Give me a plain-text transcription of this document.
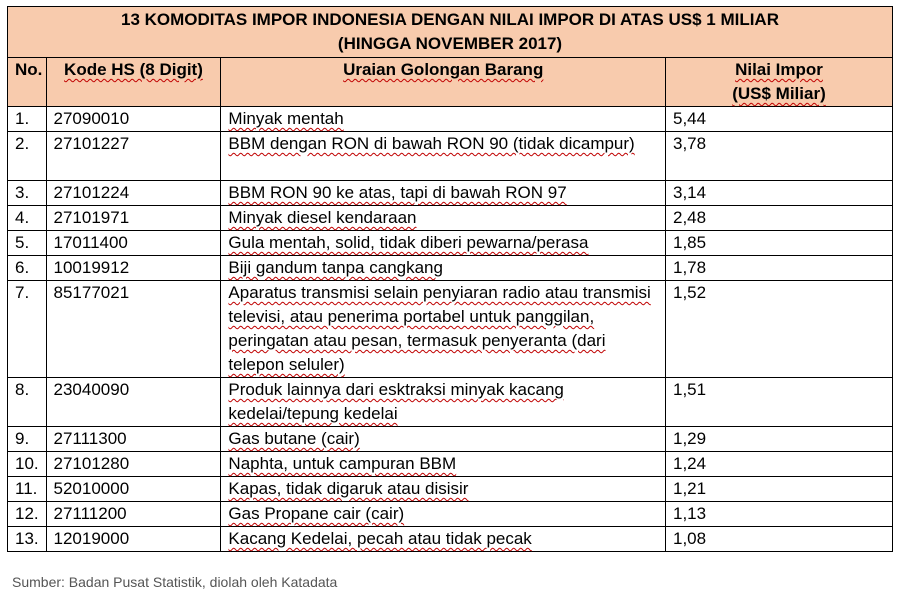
13 KOMODITAS IMPOR INDONESIA DENGAN NILAI IMPOR DI ATAS US$ 1 MILIAR
(HINGGA NOVEMBER 2017)			

No.	Kode HS (8 Digit)	Uraian Golongan Barang	Nilai Impor
(US$ Miliar)

1.	27090010	Minyak mentah	5,44
2.	27101227	BBM dengan RON di bawah RON 90 (tidak dicampur)	3,78
3.	27101224	BBM RON 90 ke atas, tapi di bawah RON 97	3,14
4.	27101971	Minyak diesel kendaraan	2,48
5.	17011400	Gula mentah, solid, tidak diberi pewarna/perasa	1,85
6.	10019912	Biji gandum tanpa cangkang	1,78
7.	85177021	Aparatus transmisi selain penyiaran radio atau transmisi televisi, atau penerima portabel untuk panggilan, peringatan atau pesan, termasuk penyeranta (dari telepon seluler)	1,52
8.	23040090	Produk lainnya dari esktraksi minyak kacang kedelai/tepung kedelai	1,51
9.	27111300	Gas butane (cair)	1,29
10.	27101280	Naphta, untuk campuran BBM	1,24
11.	52010000	Kapas, tidak digaruk atau disisir	1,21
12.	27111200	Gas Propane cair (cair)	1,13
13.	12019000	Kacang Kedelai, pecah atau tidak pecak	1,08
Sumber: Badan Pusat Statistik, diolah oleh Katadata
